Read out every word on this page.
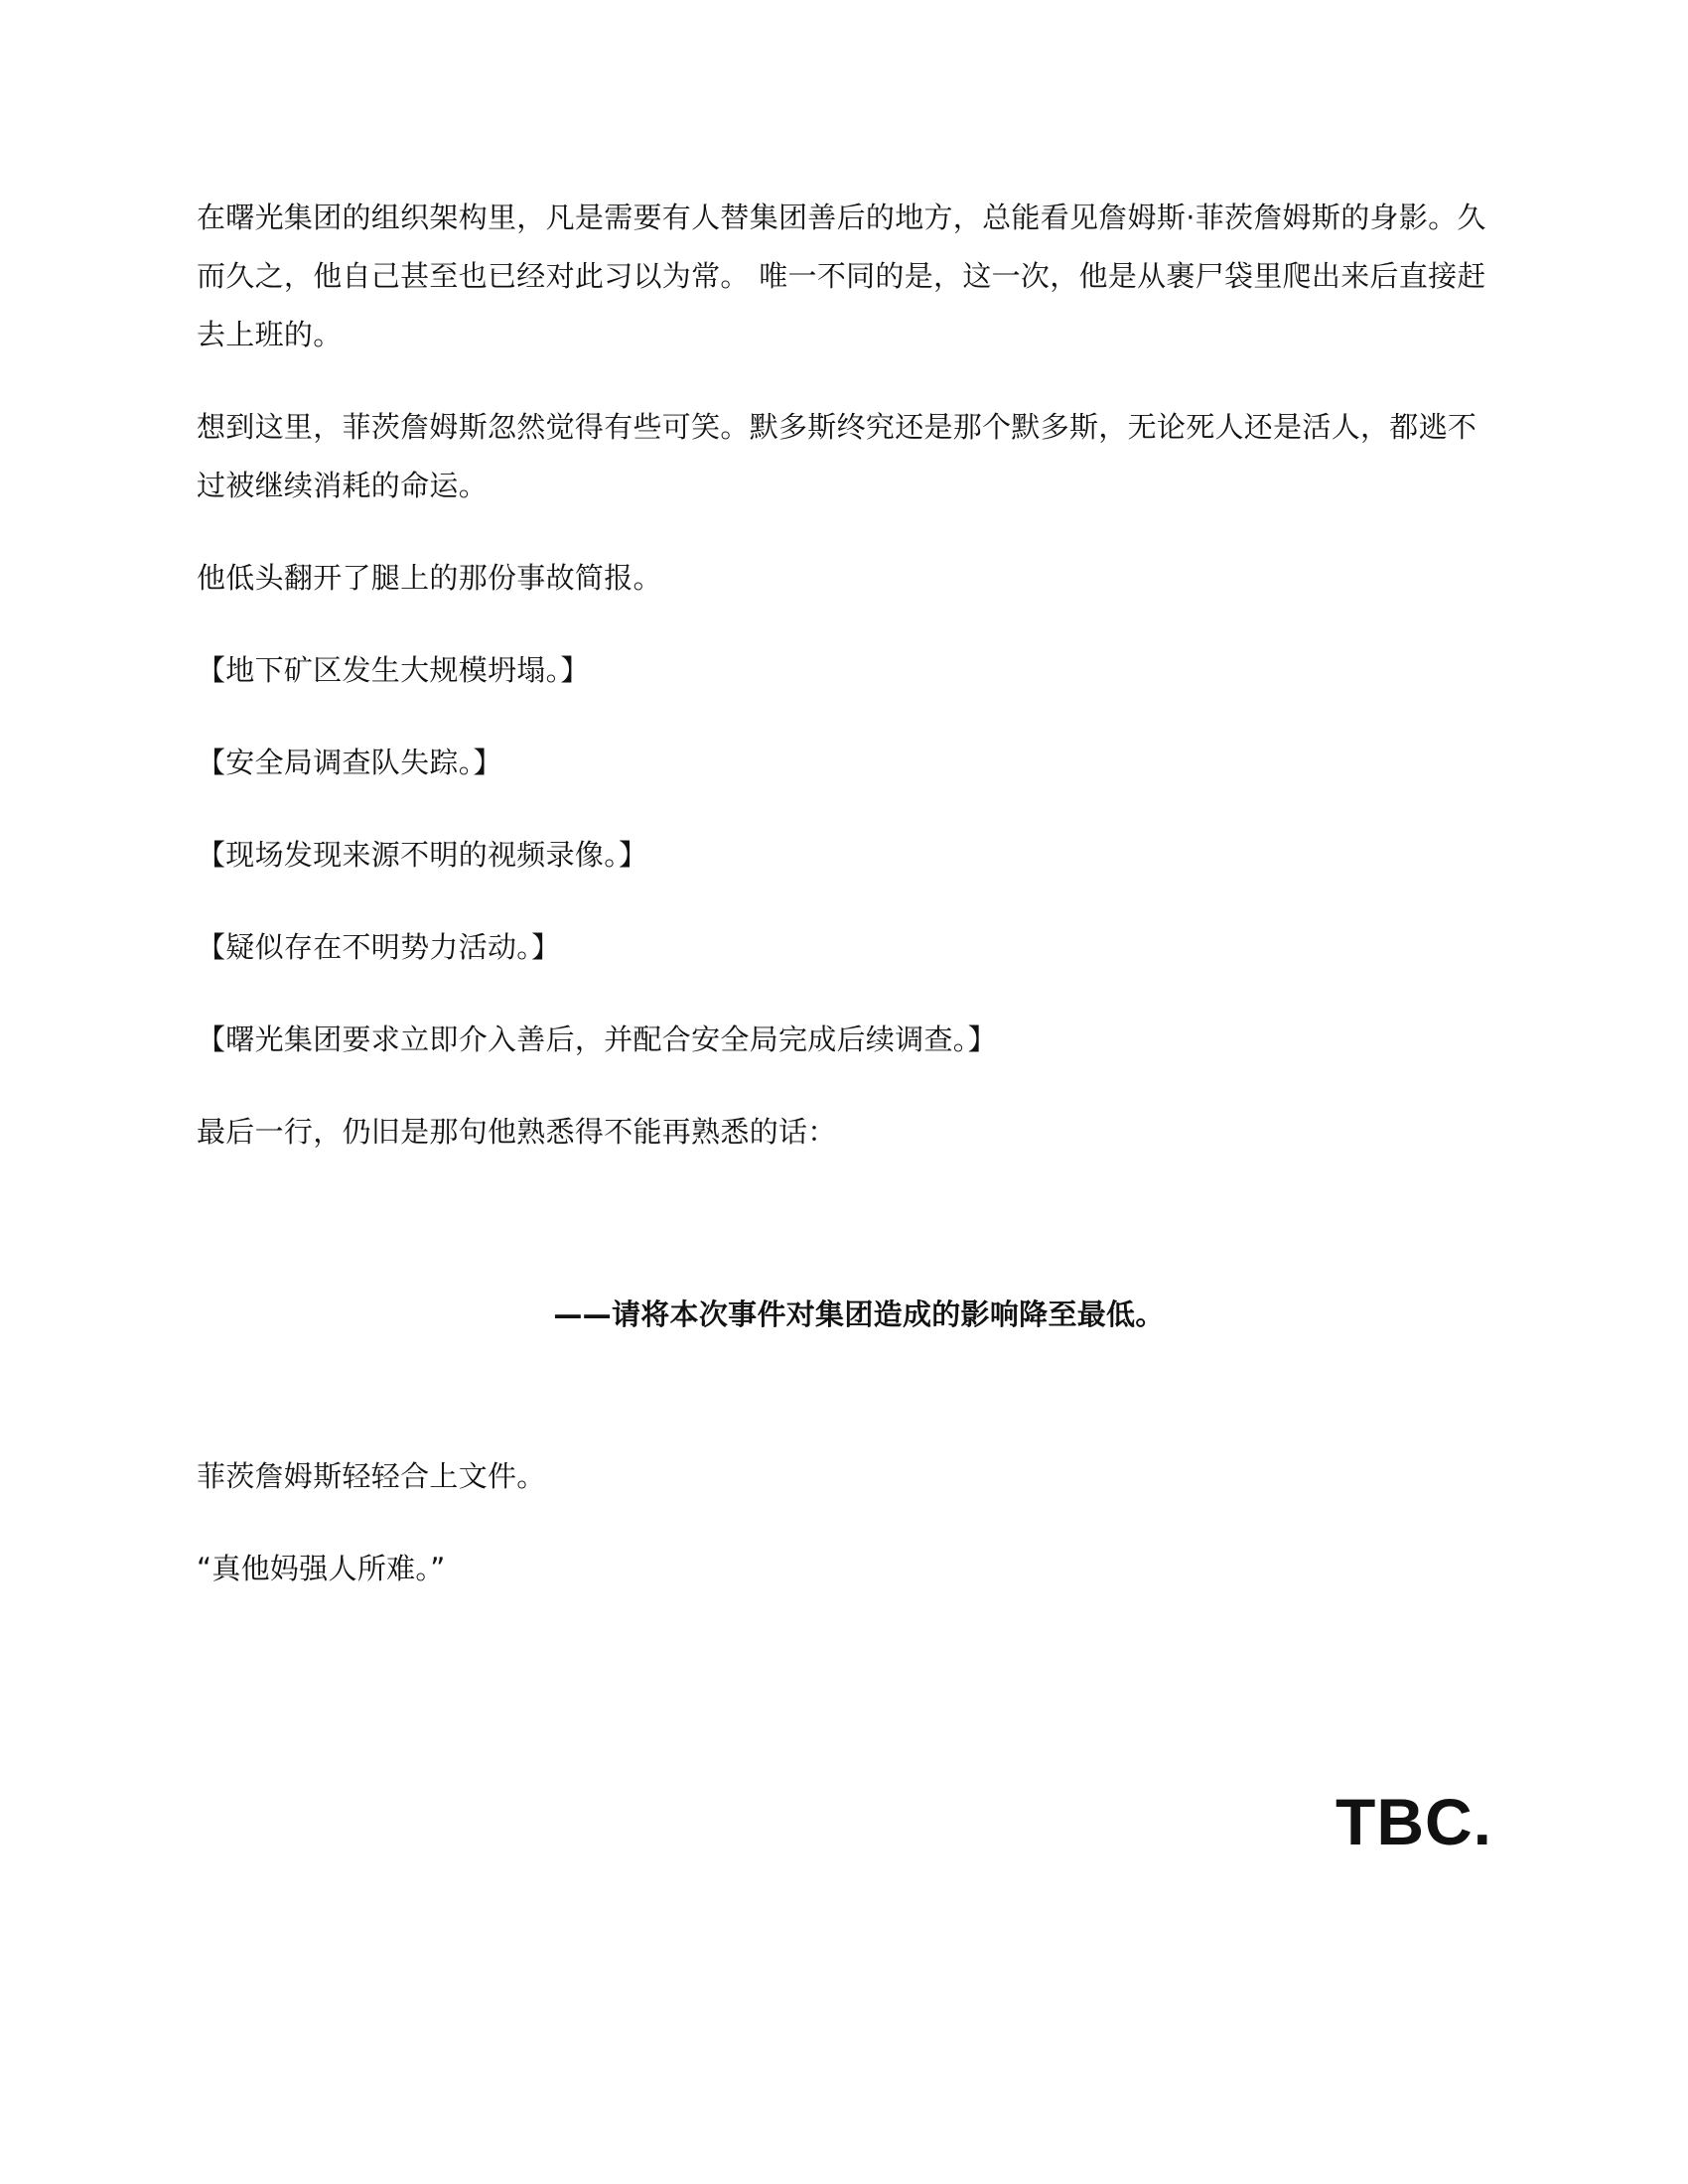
在曙光集团的组织架构里，凡是需要有人替集团善后的地方，总能看见詹姆斯·菲茨詹姆斯的身影。久而久之，他自己甚至也已经对此习以为常。 唯一不同的是，这一次，他是从裹尸袋里爬出来后直接赶去上班的。

想到这里，菲茨詹姆斯忽然觉得有些可笑。默多斯终究还是那个默多斯，无论死人还是活人，都逃不过被继续消耗的命运。

他低头翻开了腿上的那份事故简报。

【地下矿区发生大规模坍塌。】

【安全局调查队失踪。】

【现场发现来源不明的视频录像。】

【疑似存在不明势力活动。】

【曙光集团要求立即介入善后，并配合安全局完成后续调查。】

最后一行，仍旧是那句他熟悉得不能再熟悉的话：

——请将本次事件对集团造成的影响降至最低。

菲茨詹姆斯轻轻合上文件。

“真他妈强人所难。”

TBC.
